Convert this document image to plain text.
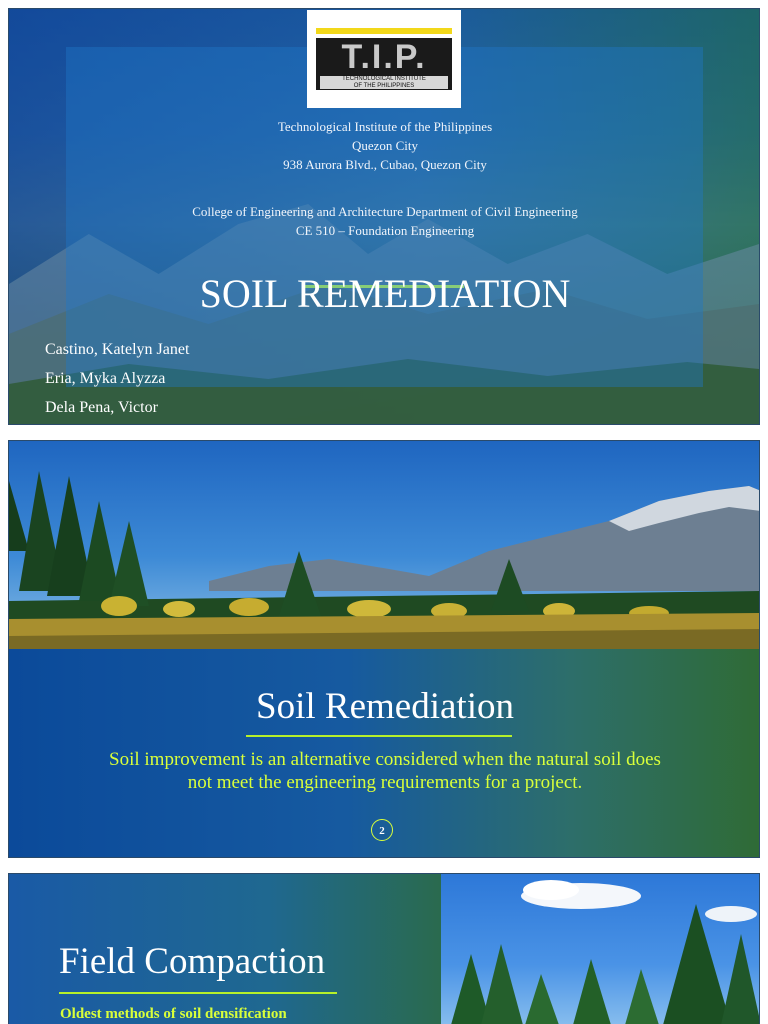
T.I.P.
TECHNOLOGICAL INSTITUTE
OF THE PHILIPPINES
Technological Institute of the Philippines
Quezon City
938 Aurora Blvd., Cubao, Quezon City
College of Engineering and Architecture Department of Civil Engineering
CE 510 – Foundation Engineering
SOIL REMEDIATION
Castino, Katelyn Janet
Eria, Myka Alyzza
Dela Pena, Victor
Soil Remediation
Soil improvement is an alternative considered when the natural soil does
not meet the engineering requirements for a project.
2
Field Compaction
Oldest methods of soil densification
